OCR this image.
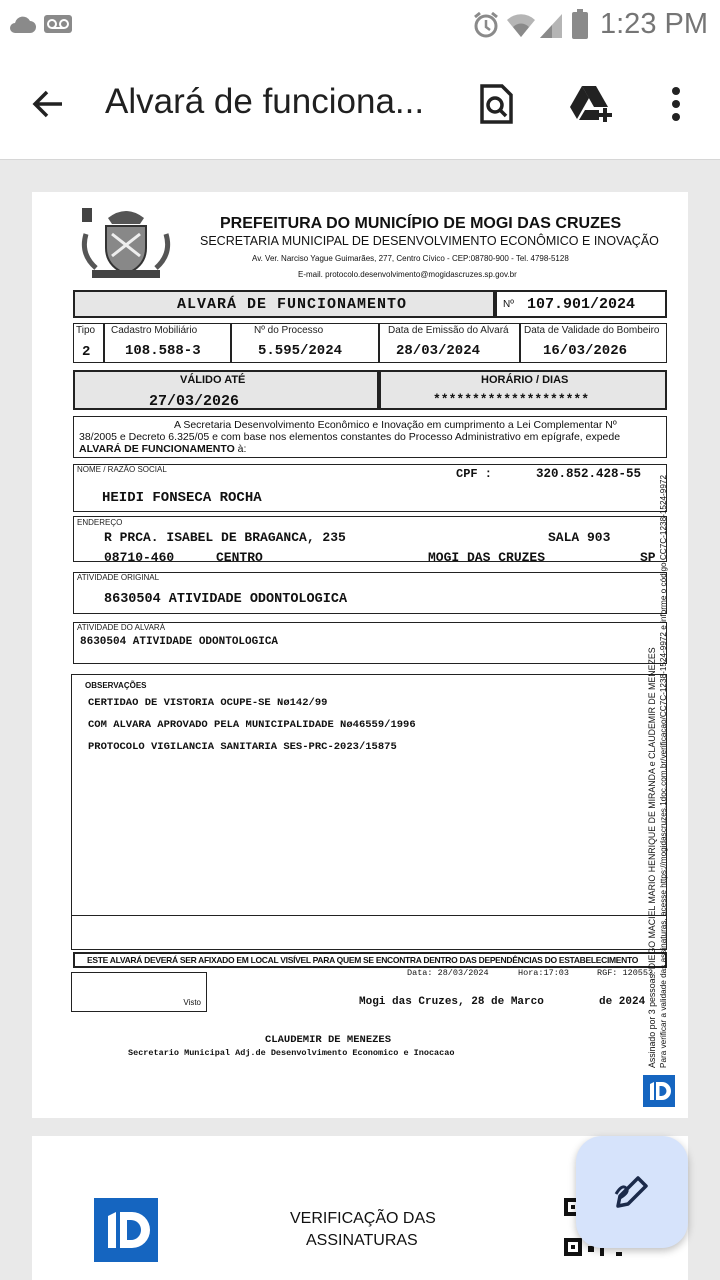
1:23 PM
Alvará de funciona...
PREFEITURA DO MUNICÍPIO DE MOGI DAS CRUZES
SECRETARIA MUNICIPAL DE DESENVOLVIMENTO ECONÔMICO E INOVAÇÃO
Av. Ver. Narciso Yague Guimarães, 277, Centro Cívico - CEP:08780-900 - Tel. 4798-5128
E-mail. protocolo.desenvolvimento@mogidascruzes.sp.gov.br
ALVARÁ DE FUNCIONAMENTO	Nº 107.901/2024
Tipo
2
Cadastro Mobiliário
108.588-3
Nº do Processo
5.595/2024
Data de Emissão do Alvará
28/03/2024
Data de Validade do Bombeiro
16/03/2026
VÁLIDO ATÉ
27/03/2026
HORÁRIO / DIAS
********************
A Secretaria Desenvolvimento Econômico e Inovação em cumprimento a Lei Complementar Nº
38/2005 e Decreto 6.325/05 e com base nos elementos constantes do Processo Administrativo em epígrafe, expede
ALVARÁ DE FUNCIONAMENTO à:
NOME / RAZÃO SOCIAL	CPF :	320.852.428-55
HEIDI FONSECA ROCHA
ENDEREÇO
R PRCA. ISABEL DE BRAGANCA, 235	SALA 903
08710-460	CENTRO	MOGI DAS CRUZES	SP
ATIVIDADE ORIGINAL
8630504 ATIVIDADE ODONTOLOGICA
ATIVIDADE DO ALVARÁ
8630504 ATIVIDADE ODONTOLOGICA
OBSERVAÇÕES
CERTIDAO DE VISTORIA OCUPE-SE Nø142/99
COM ALVARA APROVADO PELA MUNICIPALIDADE Nø46559/1996
PROTOCOLO VIGILANCIA SANITARIA SES-PRC-2023/15875
ESTE ALVARÁ DEVERÁ SER AFIXADO EM LOCAL VISÍVEL PARA QUEM SE ENCONTRA DENTRO DAS DEPENDÊNCIAS DO ESTABELECIMENTO
Data: 28/03/2024	Hora:17:03	RGF: 120553
Visto	Mogi das Cruzes, 28 de Marco	de 2024
CLAUDEMIR DE MENEZES
Secretario Municipal Adj.de Desenvolvimento Economico e Inocacao	Assinado por 3 pessoas: DIEGO MACIEL MARIO HENRIQUE DE MIRANDA e CLAUDEMIR DE MENEZES Para verificar a validade das assinaturas, acesse https://mogidascruzes.1doc.com.br/verificacao/CC7C-1238-1524-9972 e informe o código CC7C-1238-1524-9972
VERIFICAÇÃO DAS
ASSINATURAS
